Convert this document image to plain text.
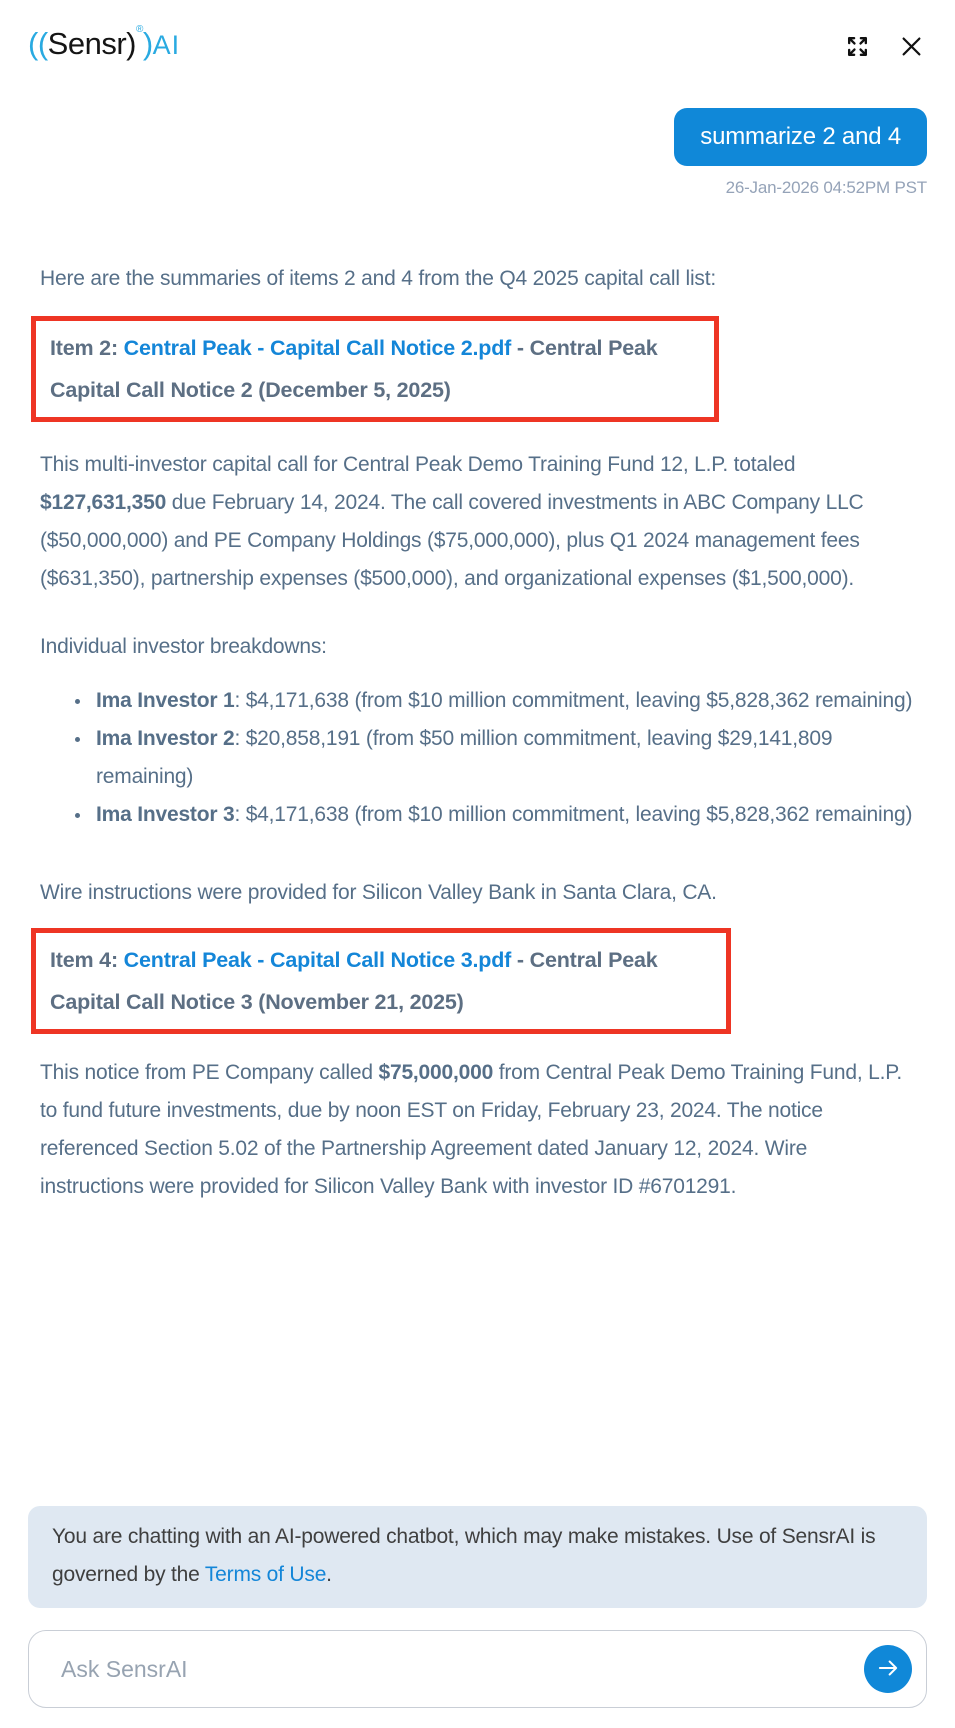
((Sensr)®)AI
summarize 2 and 4
26-Jan-2026 04:52PM PST

Here are the summaries of items 2 and 4 from the Q4 2025 capital call list:

Item 2: Central Peak - Capital Call Notice 2.pdf - Central Peak Capital Call Notice 2 (December 5, 2025)

This multi-investor capital call for Central Peak Demo Training Fund 12, L.P. totaled $127,631,350 due February 14, 2024. The call covered investments in ABC Company LLC ($50,000,000) and PE Company Holdings ($75,000,000), plus Q1 2024 management fees ($631,350), partnership expenses ($500,000), and organizational expenses ($1,500,000).

Individual investor breakdowns:

• Ima Investor 1: $4,171,638 (from $10 million commitment, leaving $5,828,362 remaining)
• Ima Investor 2: $20,858,191 (from $50 million commitment, leaving $29,141,809 remaining)
• Ima Investor 3: $4,171,638 (from $10 million commitment, leaving $5,828,362 remaining)

Wire instructions were provided for Silicon Valley Bank in Santa Clara, CA.

Item 4: Central Peak - Capital Call Notice 3.pdf - Central Peak Capital Call Notice 3 (November 21, 2025)

This notice from PE Company called $75,000,000 from Central Peak Demo Training Fund, L.P. to fund future investments, due by noon EST on Friday, February 23, 2024. The notice referenced Section 5.02 of the Partnership Agreement dated January 12, 2024. Wire instructions were provided for Silicon Valley Bank with investor ID #6701291.

You are chatting with an AI-powered chatbot, which may make mistakes. Use of SensrAI is governed by the Terms of Use.
Ask SensrAI
